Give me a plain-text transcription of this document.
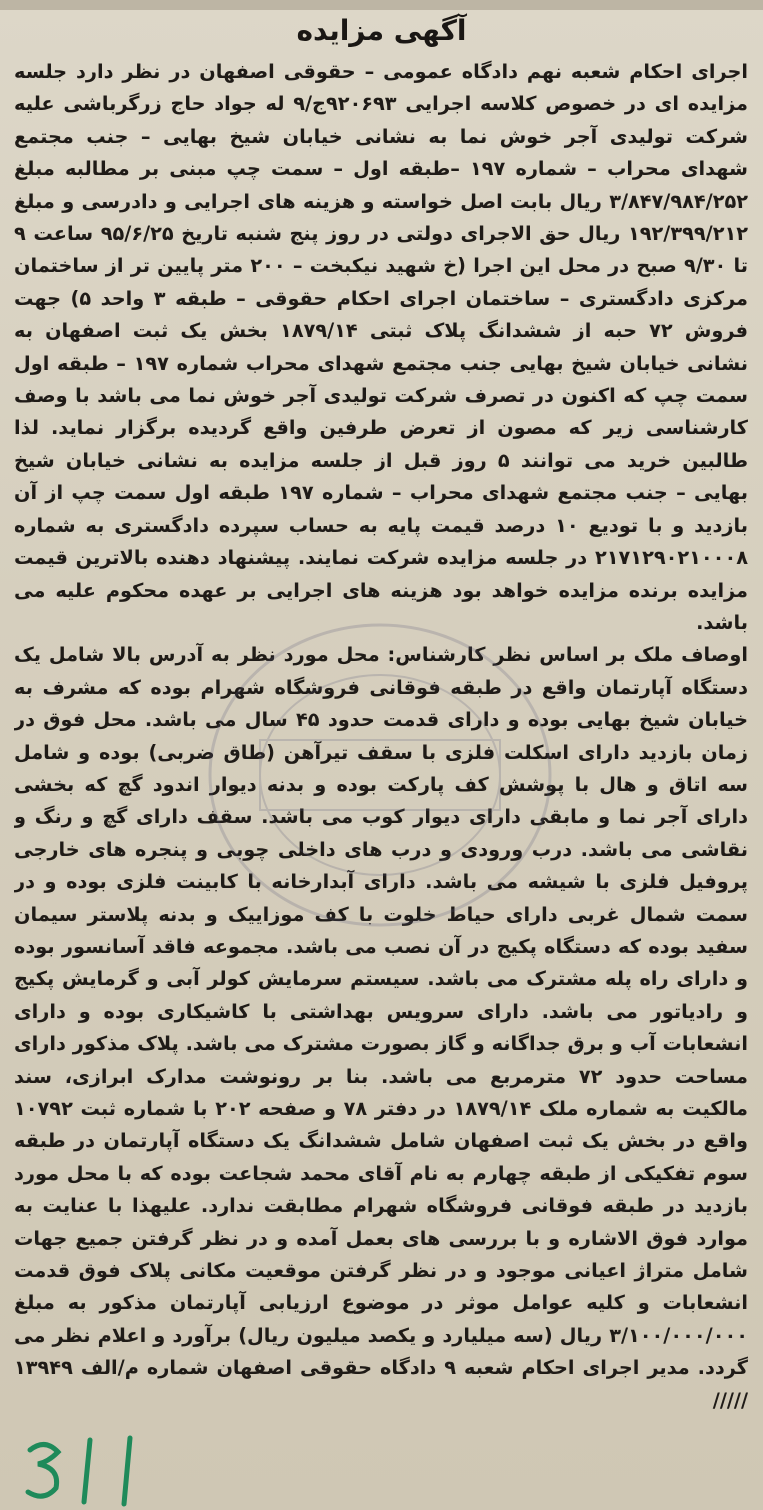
آگهی مزایده

اجرای احکام شعبه نهم دادگاه عمومی – حقوقی اصفهان در نظر دارد جلسه مزایده ای در خصوص کلاسه اجرایی ۹۲۰۶۹۳ج/۹ له جواد حاج زرگرباشی علیه شرکت تولیدی آجر خوش نما به نشانی خیابان شیخ بهایی – جنب مجتمع شهدای محراب – شماره ۱۹۷ –طبقه اول – سمت چپ مبنی بر مطالبه مبلغ ۳/۸۴۷/۹۸۴/۲۵۲ ریال بابت اصل خواسته و هزینه های اجرایی و دادرسی و مبلغ ۱۹۲/۳۹۹/۲۱۲ ریال حق الاجرای دولتی در روز پنج شنبه تاریخ ۹۵/۶/۲۵ ساعت ۹ تا ۹/۳۰ صبح در محل این اجرا (خ شهید نیکبخت – ۲۰۰ متر پایین تر از ساختمان مرکزی دادگستری – ساختمان اجرای احکام حقوقی – طبقه ۳ واحد ۵) جهت فروش ۷۲ حبه از ششدانگ پلاک ثبتی ۱۸۷۹/۱۴ بخش یک ثبت اصفهان به نشانی خیابان شیخ بهایی جنب مجتمع شهدای محراب شماره ۱۹۷ – طبقه اول سمت چپ که اکنون در تصرف شرکت تولیدی آجر خوش نما می باشد با وصف کارشناسی زیر که مصون از تعرض طرفین واقع گردیده برگزار نماید. لذا طالبین خرید می توانند ۵ روز قبل از جلسه مزایده به نشانی خیابان شیخ بهایی – جنب مجتمع شهدای محراب – شماره ۱۹۷ طبقه اول سمت چپ از آن بازدید و با تودیع ۱۰ درصد قیمت پایه به حساب سپرده دادگستری به شماره ۲۱۷۱۲۹۰۲۱۰۰۰۸ در جلسه مزایده شرکت نمایند. پیشنهاد دهنده بالاترین قیمت مزایده برنده مزایده خواهد بود هزینه های اجرایی بر عهده محکوم علیه می باشد.

اوصاف ملک بر اساس نظر کارشناس: محل مورد نظر به آدرس بالا شامل یک دستگاه آپارتمان واقع در طبقه فوقانی فروشگاه شهرام بوده که مشرف به خیابان شیخ بهایی بوده و دارای قدمت حدود ۴۵ سال می باشد. محل فوق در زمان بازدید دارای اسکلت فلزی با سقف تیرآهن (طاق ضربی) بوده و شامل سه اتاق و هال با پوشش کف پارکت بوده و بدنه دیوار اندود گچ که بخشی دارای آجر نما و مابقی دارای دیوار کوب می باشد. سقف دارای گچ و رنگ و نقاشی می باشد. درب ورودی و درب های داخلی چوبی و پنجره های خارجی پروفیل فلزی با شیشه می باشد. دارای آبدارخانه با کابینت فلزی بوده و در سمت شمال غربی دارای حیاط خلوت با کف موزاییک و بدنه پلاستر سیمان سفید بوده که دستگاه پکیج در آن نصب می باشد. مجموعه فاقد آسانسور بوده و دارای راه پله مشترک می باشد. سیستم سرمایش کولر آبی و گرمایش پکیج و رادیاتور می باشد. دارای سرویس بهداشتی با کاشیکاری بوده و دارای انشعابات آب و برق جداگانه و گاز بصورت مشترک می باشد. پلاک مذکور دارای مساحت حدود ۷۲ مترمربع می باشد. بنا بر رونوشت مدارک ابرازی، سند مالکیت به شماره ملک ۱۸۷۹/۱۴ در دفتر ۷۸ و صفحه ۲۰۲ با شماره ثبت ۱۰۷۹۲ واقع در بخش یک ثبت اصفهان شامل ششدانگ یک دستگاه آپارتمان در طبقه سوم تفکیکی از طبقه چهارم به نام آقای محمد شجاعت بوده که با محل مورد بازدید در طبقه فوقانی فروشگاه شهرام مطابقت ندارد. علیهذا با عنایت به موارد فوق الاشاره و با بررسی های بعمل آمده و در نظر گرفتن جمیع جهات شامل متراژ اعیانی موجود و در نظر گرفتن موقعیت مکانی پلاک فوق قدمت انشعابات و کلیه عوامل موثر در موضوع ارزیابی آپارتمان مذکور به مبلغ ۳/۱۰۰/۰۰۰/۰۰۰ ریال (سه میلیارد و یکصد میلیون ریال) برآورد و اعلام نظر می گردد. مدیر اجرای احکام شعبه ۹ دادگاه حقوقی اصفهان شماره م/الف ۱۳۹۴۹ /////
